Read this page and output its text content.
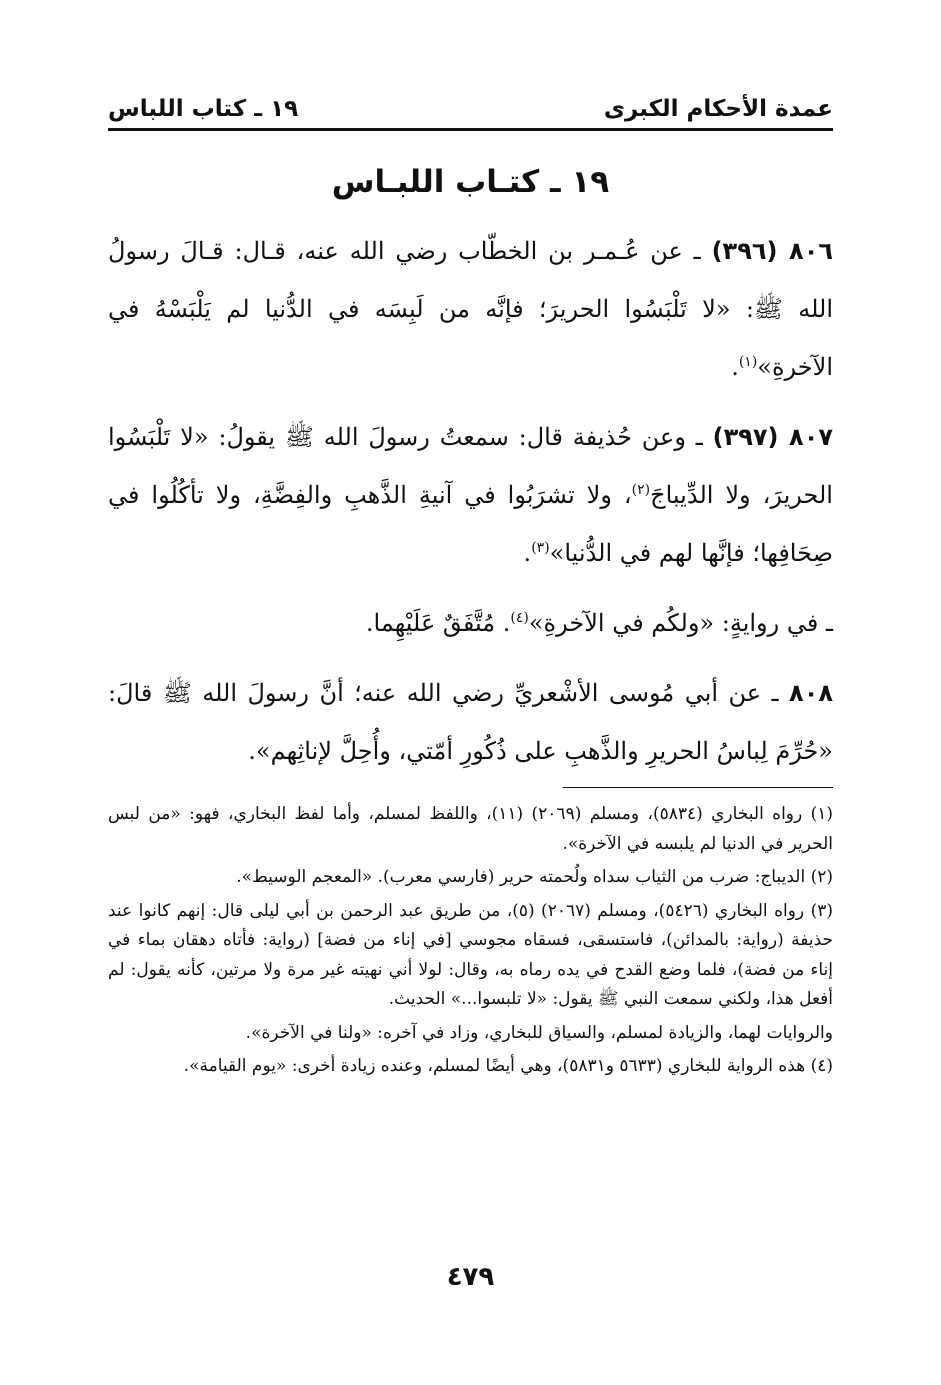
عمدة الأحكام الكبرى
١٩ ـ كتاب اللباس
١٩ ـ كتـاب اللبـاس

٨٠٦ (٣٩٦) ـ عن عُـمـر بن الخطّاب رضي الله عنه، قـال: قـالَ رسولُ الله ﷺ: «لا تَلْبَسُوا الحريرَ؛ فإنَّه من لَبِسَه في الدُّنيا لم يَلْبَسْهُ في الآخرةِ»$^{(١)}$.

٨٠٧ (٣٩٧) ـ وعن حُذيفة قال: سمعتُ رسولَ الله ﷺ يقولُ: «لا تَلْبَسُوا الحريرَ، ولا الدِّيباجَ$^{(٢)}$، ولا تشرَبُوا في آنيةِ الذَّهبِ والفِضَّةِ، ولا تأكُلُوا في صِحَافِها؛ فإنَّها لهم في الدُّنيا»$^{(٣)}$.

ـ في روايةٍ: «ولكُم في الآخرةِ»$^{(٤)}$. مُتَّفَقٌ عَلَيْهِما.

٨٠٨ ـ عن أبي مُوسى الأشْعريِّ رضي الله عنه؛ أنَّ رسولَ الله ﷺ قالَ: «حُرِّمَ لِباسُ الحريرِ والذَّهبِ على ذُكُورِ أمّتي، وأُحِلَّ لإناثِهم».

(١) رواه البخاري (٥٨٣٤)، ومسلم (٢٠٦٩) (١١)، واللفظ لمسلم، وأما لفظ البخاري، فهو: «من لبس الحرير في الدنيا لم يلبسه في الآخرة».

(٢) الديباج: ضرب من الثياب سداه ولُحمته حرير (فارسي معرب). «المعجم الوسيط».

(٣) رواه البخاري (٥٤٢٦)، ومسلم (٢٠٦٧) (٥)، من طريق عبد الرحمن بن أبي ليلى قال: إنهم كانوا عند حذيفة (رواية: بالمدائن)، فاستسقى، فسقاه مجوسي [في إناء من فضة] (رواية: فأتاه دهقان بماء في إناء من فضة)، فلما وضع القدح في يده رماه به، وقال: لولا أني نهيته غير مرة ولا مرتين، كأنه يقول: لم أفعل هذا، ولكني سمعت النبي ﷺ يقول: «لا تلبسوا...» الحديث.

والروايات لهما، والزيادة لمسلم، والسياق للبخاري، وزاد في آخره: «ولنا في الآخرة».

(٤) هذه الرواية للبخاري (٥٦٣٣ و٥٨٣١)، وهي أيضًا لمسلم، وعنده زيادة أخرى: «يوم القيامة».

٤٧٩
